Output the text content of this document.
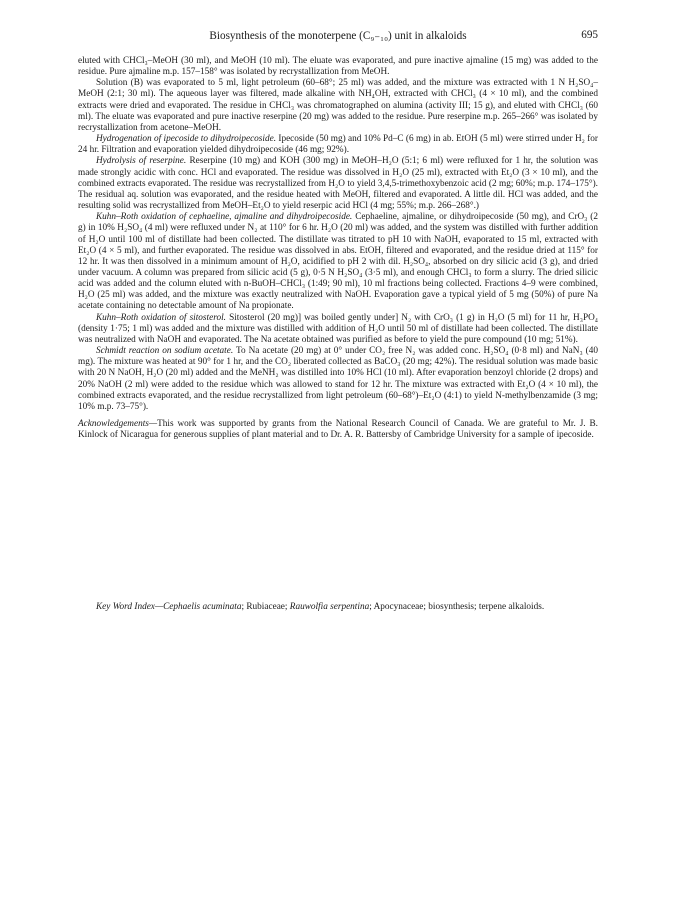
Biosynthesis of the monoterpene (C₉₋₁₀) unit in alkaloids	695

eluted with CHCl₃–MeOH (30 ml), and MeOH (10 ml). The eluate was evaporated, and pure inactive ajmaline (15 mg) was added to the residue. Pure ajmaline m.p. 157–158° was isolated by recrystallization from MeOH.

Solution (B) was evaporated to 5 ml, light petroleum (60–68°; 25 ml) was added, and the mixture was extracted with 1 N H₂SO₄–MeOH (2:1; 30 ml). The aqueous layer was filtered, made alkaline with NH₄OH, extracted with CHCl₃ (4 × 10 ml), and the combined extracts were dried and evaporated. The residue in CHCl₃ was chromatographed on alumina (activity III; 15 g), and eluted with CHCl₃ (60 ml). The eluate was evaporated and pure inactive reserpine (20 mg) was added to the residue. Pure reserpine m.p. 265–266° was isolated by recrystallization from acetone–MeOH.

Hydrogenation of ipecoside to dihydroipecoside. Ipecoside (50 mg) and 10% Pd–C (6 mg) in ab. EtOH (5 ml) were stirred under H₂ for 24 hr. Filtration and evaporation yielded dihydroipecoside (46 mg; 92%).

Hydrolysis of reserpine. Reserpine (10 mg) and KOH (300 mg) in MeOH–H₂O (5:1; 6 ml) were refluxed for 1 hr, the solution was made strongly acidic with conc. HCl and evaporated. The residue was dissolved in H₂O (25 ml), extracted with Et₂O (3 × 10 ml), and the combined extracts evaporated. The residue was recrystallized from H₂O to yield 3,4,5-trimethoxybenzoic acid (2 mg; 60%; m.p. 174–175°). The residual aq. solution was evaporated, and the residue heated with MeOH, filtered and evaporated. A little dil. HCl was added, and the resulting solid was recrystallized from MeOH–Et₂O to yield reserpic acid HCl (4 mg; 55%; m.p. 266–268°.)

Kuhn–Roth oxidation of cephaeline, ajmaline and dihydroipecoside. Cephaeline, ajmaline, or dihydroipecoside (50 mg), and CrO₃ (2 g) in 10% H₂SO₄ (4 ml) were refluxed under N₂ at 110° for 6 hr. H₂O (20 ml) was added, and the system was distilled with further addition of H₂O until 100 ml of distillate had been collected. The distillate was titrated to pH 10 with NaOH, evaporated to 15 ml, extracted with Et₂O (4 × 5 ml), and further evaporated. The residue was dissolved in abs. EtOH, filtered and evaporated, and the residue dried at 115° for 12 hr. It was then dissolved in a minimum amount of H₂O, acidified to pH 2 with dil. H₂SO₄, absorbed on dry silicic acid (3 g), and dried under vacuum. A column was prepared from silicic acid (5 g), 0·5 N H₂SO₄ (3·5 ml), and enough CHCl₃ to form a slurry. The dried silicic acid was added and the column eluted with n-BuOH–CHCl₃ (1:49; 90 ml), 10 ml fractions being collected. Fractions 4–9 were combined, H₂O (25 ml) was added, and the mixture was exactly neutralized with NaOH. Evaporation gave a typical yield of 5 mg (50%) of pure Na acetate containing no detectable amount of Na propionate.

Kuhn–Roth oxidation of sitosterol. Sitosterol (20 mg)] was boiled gently under] N₂ with CrO₃ (1 g) in H₂O (5 ml) for 11 hr, H₃PO₄ (density 1·75; 1 ml) was added and the mixture was distilled with addition of H₂O until 50 ml of distillate had been collected. The distillate was neutralized with NaOH and evaporated. The Na acetate obtained was purified as before to yield the pure compound (10 mg; 51%).

Schmidt reaction on sodium acetate. To Na acetate (20 mg) at 0° under CO₂ free N₂ was added conc. H₂SO₄ (0·8 ml) and NaN₃ (40 mg). The mixture was heated at 90° for 1 hr, and the CO₂ liberated collected as BaCO₃ (20 mg; 42%). The residual solution was made basic with 20 N NaOH, H₂O (20 ml) added and the MeNH₂ was distilled into 10% HCl (10 ml). After evaporation benzoyl chloride (2 drops) and 20% NaOH (2 ml) were added to the residue which was allowed to stand for 12 hr. The mixture was extracted with Et₂O (4 × 10 ml), the combined extracts evaporated, and the residue recrystallized from light petroleum (60–68°)–Et₂O (4:1) to yield N-methylbenzamide (3 mg; 10% m.p. 73–75°).

Acknowledgements—This work was supported by grants from the National Research Council of Canada. We are grateful to Mr. J. B. Kinlock of Nicaragua for generous supplies of plant material and to Dr. A. R. Battersby of Cambridge University for a sample of ipecoside.

Key Word Index—Cephaelis acuminata; Rubiaceae; Rauwolfia serpentina; Apocynaceae; biosynthesis; terpene alkaloids.
